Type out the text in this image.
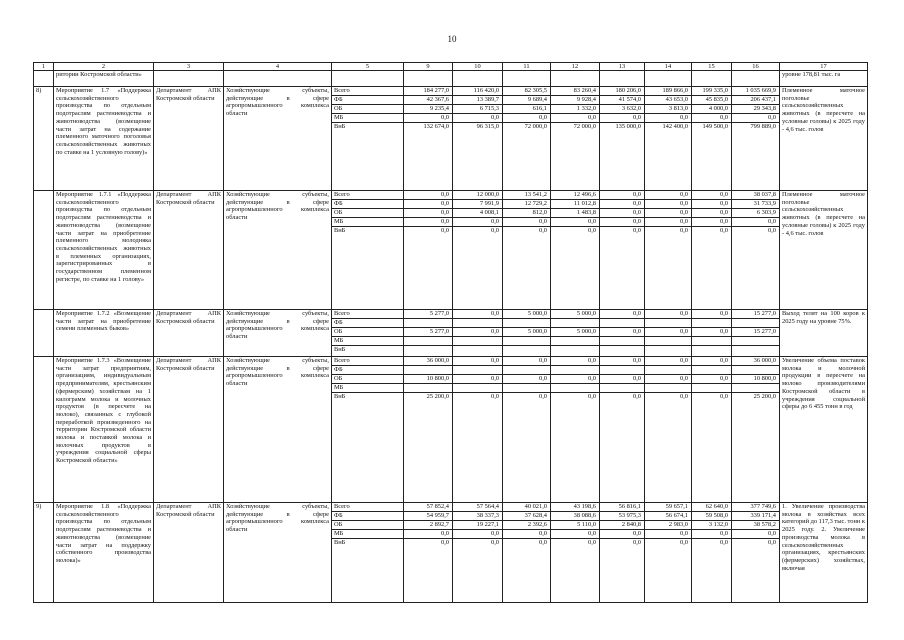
10
1	2	3	4	5	9	10	11	12	13	14	15	16	17
	ритории Костромской области»												уровне 178,81 тыс. га
8)	Мероприятие 1.7 «Поддержка сельскохозяйственного производства по отдельным подотраслям растениеводства и животноводства (возмещение части затрат на содержание племенного маточного поголовья сельскохозяйственных животных по ставке на 1 условную голову)»	Департамент АПК Костромской области	Хозяйствующие субъекты, действующие в сфере агропромышленного комплекса области	Всего	184 277,0	116 420,0	82 305,5	83 260,4	180 206,0	189 866,0	199 335,0	1 035 669,9	Племенное маточное поголовье сельскохозяйственных животных (в пересчете на условные головы) к 2025 году - 4,6 тыс. голов
				ФБ	42 367,6	13 389,7	9 689,4	9 928,4	41 574,0	43 653,0	45 835,0	206 437,1	
				ОБ	9 235,4	6 715,3	616,1	1 332,0	3 632,0	3 813,0	4 000,0	29 343,8	
				МБ	0,0	0,0	0,0	0,0	0,0	0,0	0,0	0,0	
				ВнБ	132 674,0	96 315,0	72 000,0	72 000,0	135 000,0	142 400,0	149 500,0	799 889,0	
	Мероприятие 1.7.1 «Поддержка сельскохозяйственного производства по отдельным подотраслям растениеводства и животноводства (возмещение части затрат на приобретение племенного молодняка сельскохозяйственных животных в племенных организациях, зарегистрированных в государственном племенном регистре, по ставке на 1 голову»	Департамент АПК Костромской области	Хозяйствующие субъекты, действующие в сфере агропромышленного комплекса области	Всего	0,0	12 000,0	13 541,2	12 496,6	0,0	0,0	0,0	38 037,8	Племенное маточное поголовье сельскохозяйственных животных (в пересчете на условные головы) к 2025 году - 4,6 тыс. голов
				ФБ	0,0	7 991,9	12 729,2	11 012,8	0,0	0,0	0,0	31 733,9	
				ОБ	0,0	4 008,1	812,0	1 483,8	0,0	0,0	0,0	6 303,9	
				МБ	0,0	0,0	0,0	0,0	0,0	0,0	0,0	0,0	
				ВнБ	0,0	0,0	0,0	0,0	0,0	0,0	0,0	0,0	
	Мероприятие 1.7.2 «Возмещение части затрат на приобретение семени племенных быков»	Департамент АПК Костромской области	Хозяйствующие субъекты, действующие в сфере агропромышленного комплекса области	Всего	5 277,0	0,0	5 000,0	5 000,0	0,0	0,0	0,0	15 277,0	Выход телят на 100 коров к 2025 году на уровне 75%.
				ФБ									
				ОБ	5 277,0	0,0	5 000,0	5 000,0	0,0	0,0	0,0	15 277,0	
				МБ									
				ВнБ									
	Мероприятие 1.7.3 «Возмещение части затрат предприятиям, организациям, индивидуальным предпринимателям, крестьянским (фермерским) хозяйствам на 1 килограмм молока и молочных продуктов (в пересчете на молоко), связанных с глубокой переработкой произведенного на территории Костромской области молока и поставкой молока и молочных продуктов в учреждения социальной сферы Костромской области»	Департамент АПК Костромской области	Хозяйствующие субъекты, действующие в сфере агропромышленного комплекса области	Всего	36 000,0	0,0	0,0	0,0	0,0	0,0	0,0	36 000,0	Увеличение объема поставок молока и молочной продукции в пересчете на молоко производителями Костромской области в учреждения социальной сферы до 6 455 тонн в год
				ФБ									
				ОБ	10 800,0	0,0	0,0	0,0	0,0	0,0	0,0	10 800,0	
				МБ									
				ВнБ	25 200,0	0,0	0,0	0,0	0,0	0,0	0,0	25 200,0	
9)	Мероприятие 1.8 «Поддержка сельскохозяйственного производства по отдельным подотраслям растениеводства и животноводства (возмещение части затрат на поддержку собственного производства молока)»	Департамент АПК Костромской области	Хозяйствующие субъекты, действующие в сфере агропромышленного комплекса области	Всего	57 852,4	57 564,4	40 021,0	43 198,6	56 816,1	59 657,1	62 640,0	377 749,6	1. Увеличение производства молока в хозяйствах всех категорий до 117,3 тыс. тонн к 2025 году. 2. Увеличение производства молока в сельскохозяйственных организациях, крестьянских (фермерских) хозяйствах, включая
				ФБ	54 959,7	38 337,3	37 628,4	38 088,6	53 975,3	56 674,1	59 508,0	339 171,4	
				ОБ	2 892,7	19 227,1	2 392,6	5 110,0	2 840,8	2 983,0	3 132,0	38 578,2	
				МБ	0,0	0,0	0,0	0,0	0,0	0,0	0,0	0,0	
				ВнБ	0,0	0,0	0,0	0,0	0,0	0,0	0,0	0,0	
